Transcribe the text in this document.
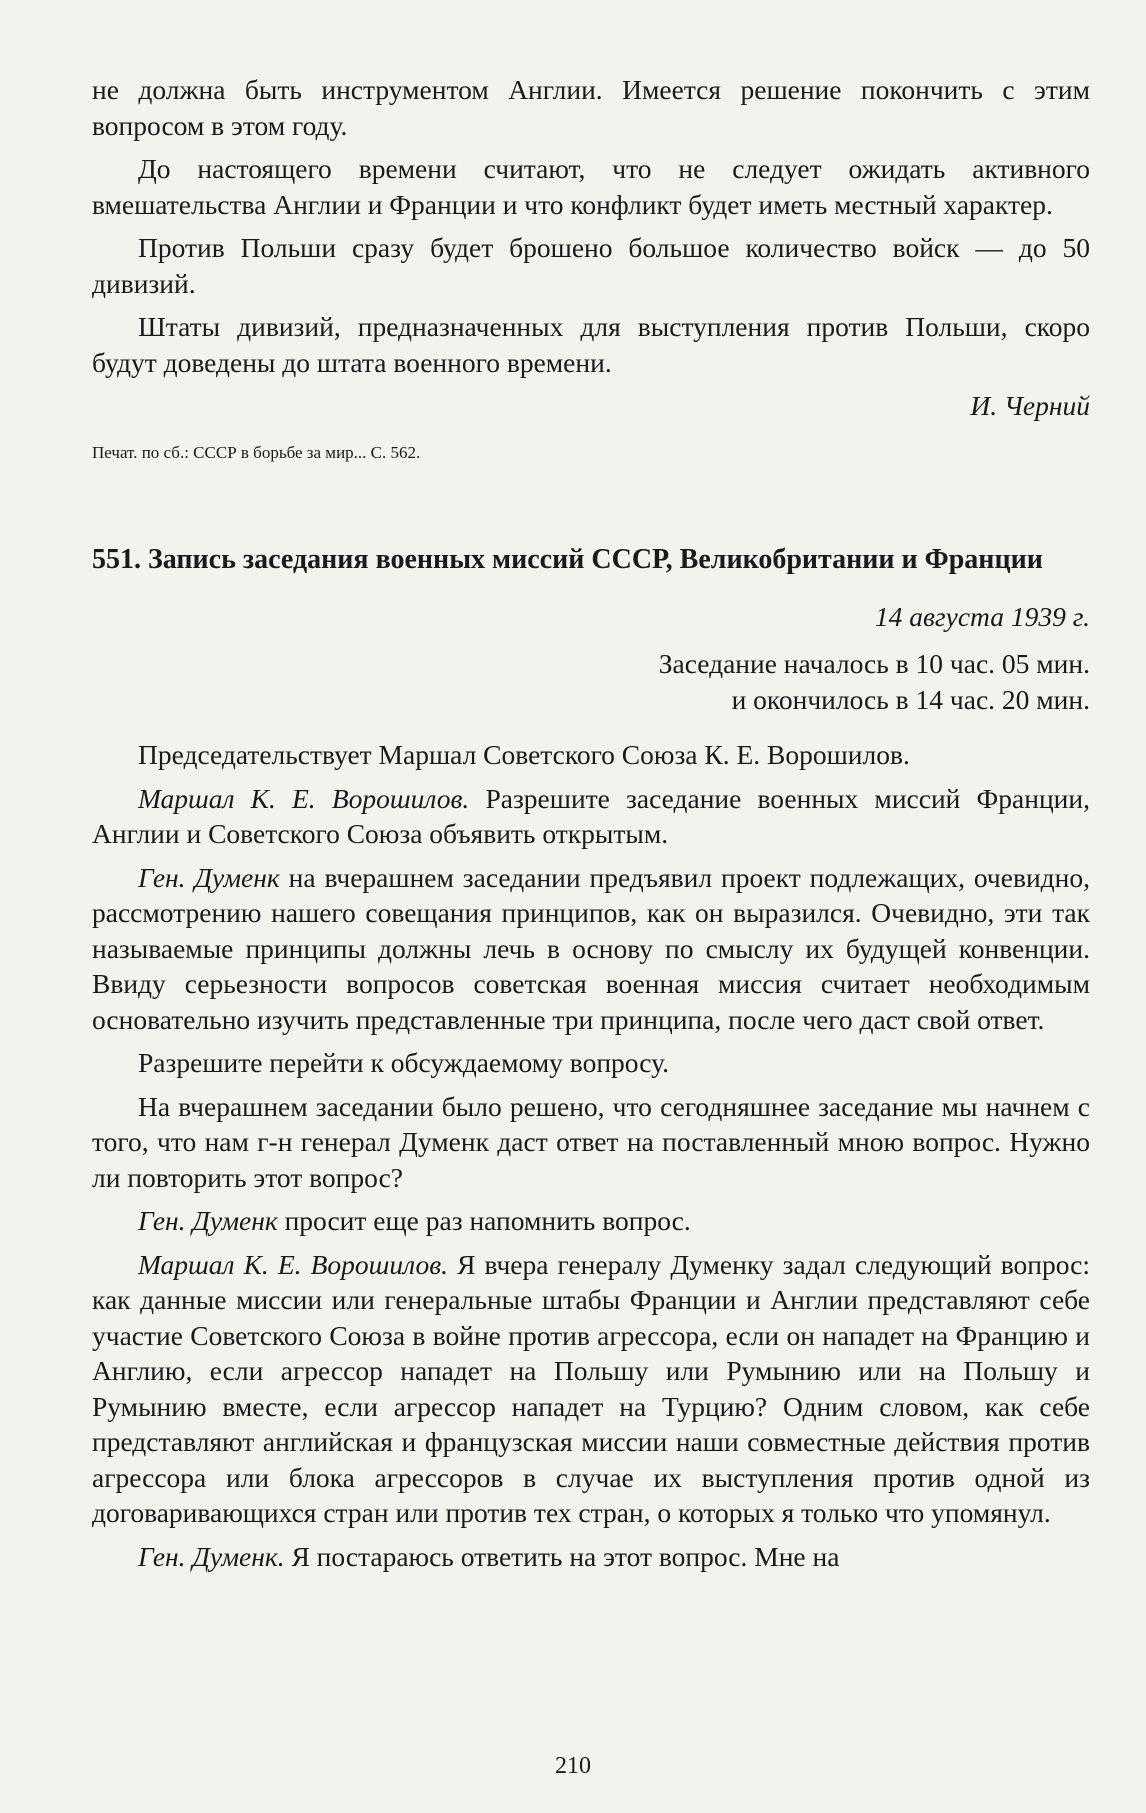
не должна быть инструментом Англии. Имеется решение покончить с этим вопросом в этом году.

До настоящего времени считают, что не следует ожидать активного вмешательства Англии и Франции и что конфликт будет иметь местный характер.

Против Польши сразу будет брошено большое количество войск — до 50 дивизий.

Штаты дивизий, предназначенных для выступления против Польши, скоро будут доведены до штата военного времени.

И. Черний

Печат. по сб.: СССР в борьбе за мир... С. 562.

551. Запись заседания военных миссий СССР, Великобритании и Франции

14 августа 1939 г.

Заседание началось в 10 час. 05 мин.
и окончилось в 14 час. 20 мин.

Председательствует Маршал Советского Союза К. Е. Ворошилов.

Маршал К. Е. Ворошилов. Разрешите заседание военных миссий Франции, Англии и Советского Союза объявить открытым.

Ген. Думенк на вчерашнем заседании предъявил проект подлежащих, очевидно, рассмотрению нашего совещания принципов, как он выразился. Очевидно, эти так называемые принципы должны лечь в основу по смыслу их будущей конвенции. Ввиду серьезности вопросов советская военная миссия считает необходимым основательно изучить представленные три принципа, после чего даст свой ответ.

Разрешите перейти к обсуждаемому вопросу.

На вчерашнем заседании было решено, что сегодняшнее заседание мы начнем с того, что нам г-н генерал Думенк даст ответ на поставленный мною вопрос. Нужно ли повторить этот вопрос?

Ген. Думенк просит еще раз напомнить вопрос.

Маршал К. Е. Ворошилов. Я вчера генералу Думенку задал следующий вопрос: как данные миссии или генеральные штабы Франции и Англии представляют себе участие Советского Союза в войне против агрессора, если он нападет на Францию и Англию, если агрессор нападет на Польшу или Румынию или на Польшу и Румынию вместе, если агрессор нападет на Турцию? Одним словом, как себе представляют английская и французская миссии наши совместные действия против агрессора или блока агрессоров в случае их выступления против одной из договаривающихся стран или против тех стран, о которых я только что упомянул.

Ген. Думенк. Я постараюсь ответить на этот вопрос. Мне на

210
